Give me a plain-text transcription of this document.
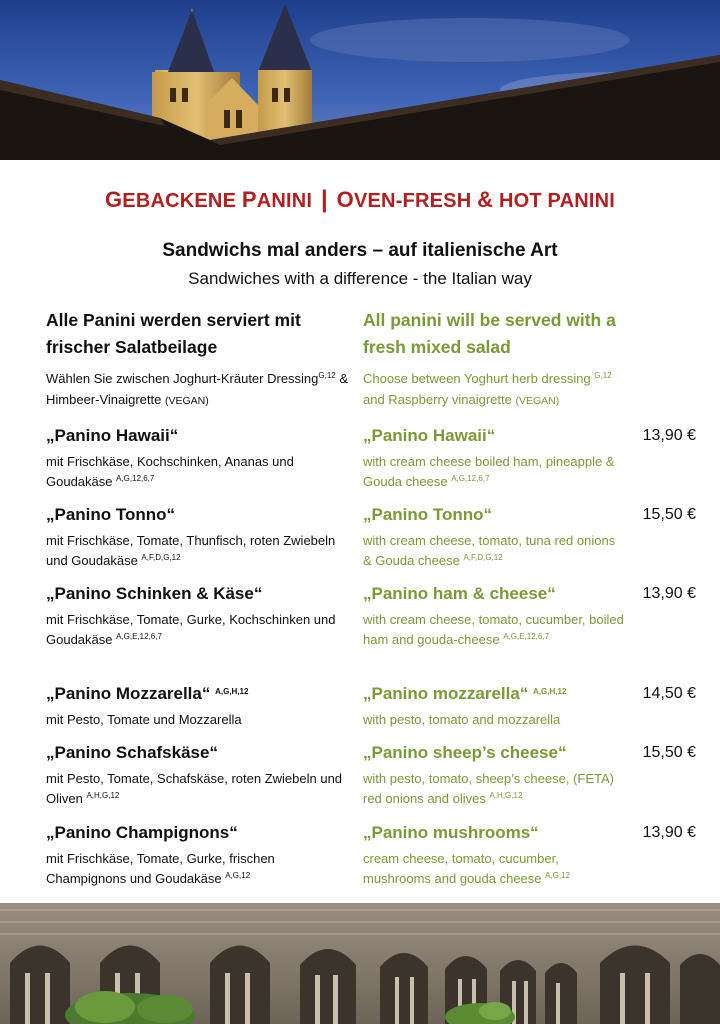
GEBACKENE PANINI | OVEN-FRESH & HOT PANINI
Sandwichs mal anders – auf italienische Art
Sandwiches with a difference - the Italian way
Alle Panini werden serviert mit frischer Salatbeilage
All panini will be served with a fresh mixed salad
Wählen Sie zwischen Joghurt-Kräuter Dressing$^{G,12}$ & Himbeer-Vinaigrette (VEGAN)
Choose between Yoghurt herb dressing $^{G,12}$
and Raspberry vinaigrette (VEGAN)
„Panino Hawaii“
mit Frischkäse, Kochschinken, Ananas und Goudakäse $^{A,G,12,6,7}$
„Panino Hawaii“
with cream cheese boiled ham, pineapple & Gouda cheese $^{A,G,12,6,7}$
13,90 €
„Panino Tonno“
mit Frischkäse, Tomate, Thunfisch, roten Zwiebeln und Goudakäse $^{A,F,D,G,12}$
„Panino Tonno“
with cream cheese, tomato, tuna red onions & Gouda cheese $^{A,F,D,G,12}$
15,50 €
„Panino Schinken & Käse“
mit Frischkäse, Tomate, Gurke, Kochschinken und Goudakäse $^{A,G,E,12,6,7}$
„Panino ham & cheese“
with cream cheese, tomato, cucumber, boiled ham and gouda-cheese $^{A,G,E,12,6,7}$
13,90 €
„Panino Mozzarella“ $^{A,G,H,12}$
mit Pesto, Tomate und Mozzarella
„Panino mozzarella“ $^{A,G,H,12}$
with pesto, tomato and mozzarella
14,50 €
„Panino Schafskäse“
mit Pesto, Tomate, Schafskäse, roten Zwiebeln und Oliven $^{A,H,G,12}$
„Panino sheep’s cheese“
with pesto, tomato, sheep’s cheese, (FETA) red onions and olives $^{A,H,G,12}$
15,50 €
„Panino Champignons“
mit Frischkäse, Tomate, Gurke, frischen Champignons und Goudakäse $^{A,G,12}$
„Panino mushrooms“
cream cheese, tomato, cucumber, mushrooms and gouda cheese $^{A,G,12}$
13,90 €
